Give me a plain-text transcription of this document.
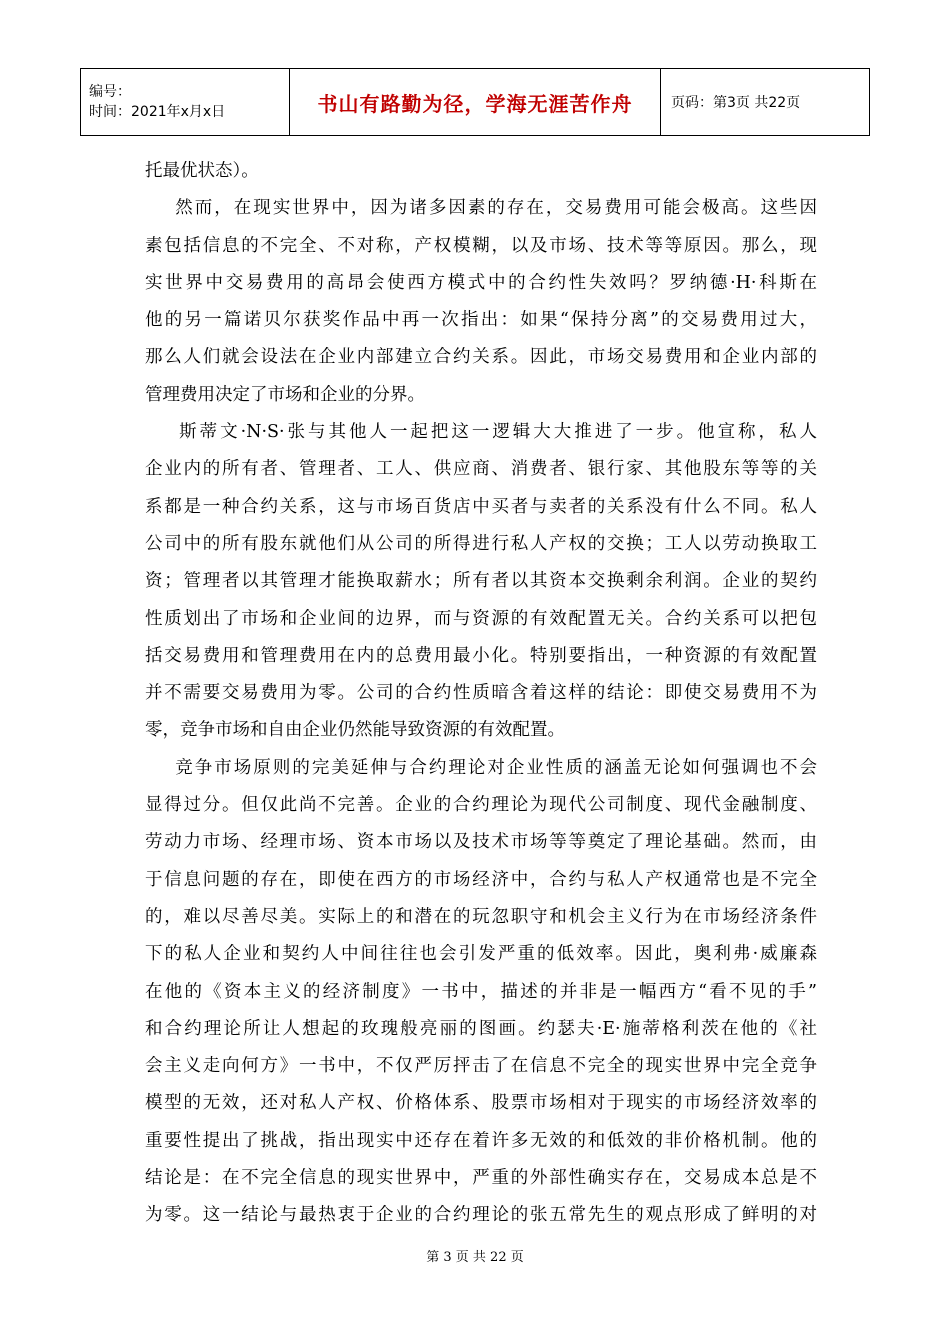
编号：
时间：2021年x月x日	书山有路勤为径，学海无涯苦作舟	页码：第3页 共22页
托最优状态）。
然而，在现实世界中，因为诸多因素的存在，交易费用可能会极高。这些因
素包括信息的不完全、不对称，产权模糊，以及市场、技术等等原因。那么，现
实世界中交易费用的高昂会使西方模式中的合约性失效吗？罗纳德·H·科斯在
他的另一篇诺贝尔获奖作品中再一次指出：如果“保持分离”的交易费用过大，
那么人们就会设法在企业内部建立合约关系。因此，市场交易费用和企业内部的
管理费用决定了市场和企业的分界。
斯蒂文·N·S·张与其他人一起把这一逻辑大大推进了一步。他宣称，私人
企业内的所有者、管理者、工人、供应商、消费者、银行家、其他股东等等的关
系都是一种合约关系，这与市场百货店中买者与卖者的关系没有什么不同。私人
公司中的所有股东就他们从公司的所得进行私人产权的交换；工人以劳动换取工
资；管理者以其管理才能换取薪水；所有者以其资本交换剩余利润。企业的契约
性质划出了市场和企业间的边界，而与资源的有效配置无关。合约关系可以把包
括交易费用和管理费用在内的总费用最小化。特别要指出，一种资源的有效配置
并不需要交易费用为零。公司的合约性质暗含着这样的结论：即使交易费用不为
零，竞争市场和自由企业仍然能导致资源的有效配置。
竞争市场原则的完美延伸与合约理论对企业性质的涵盖无论如何强调也不会
显得过分。但仅此尚不完善。企业的合约理论为现代公司制度、现代金融制度、
劳动力市场、经理市场、资本市场以及技术市场等等奠定了理论基础。然而，由
于信息问题的存在，即使在西方的市场经济中，合约与私人产权通常也是不完全
的，难以尽善尽美。实际上的和潜在的玩忽职守和机会主义行为在市场经济条件
下的私人企业和契约人中间往往也会引发严重的低效率。因此，奥利弗·威廉森
在他的《资本主义的经济制度》一书中，描述的并非是一幅西方“看不见的手”
和合约理论所让人想起的玫瑰般亮丽的图画。约瑟夫·E·施蒂格利茨在他的《社
会主义走向何方》一书中，不仅严厉抨击了在信息不完全的现实世界中完全竞争
模型的无效，还对私人产权、价格体系、股票市场相对于现实的市场经济效率的
重要性提出了挑战，指出现实中还存在着许多无效的和低效的非价格机制。他的
结论是：在不完全信息的现实世界中，严重的外部性确实存在，交易成本总是不
为零。这一结论与最热衷于企业的合约理论的张五常先生的观点形成了鲜明的对
第 3 页 共 22 页
